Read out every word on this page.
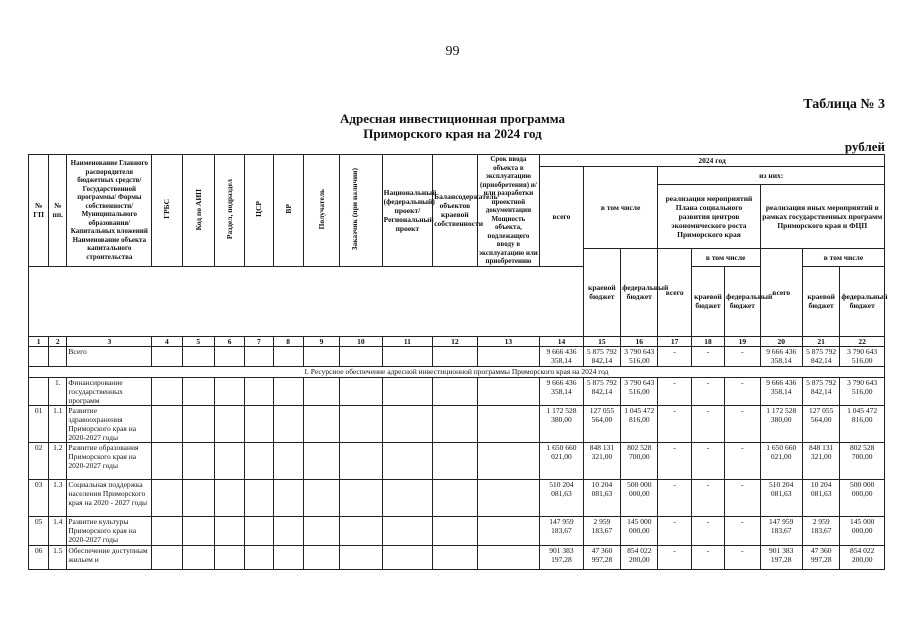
99
Таблица № 3
Адресная инвестиционная программа
Приморского края на 2024 год
рублей
№ ГП	№ пп.	Наименование Главного распорядителя бюджетных средств/Государственной программы/ Формы собственности/Муниципального образования/Капитальных вложений Наименование объекта капитального строительства	ГРБС	Код по АИП	Раздел, подраздел	ЦСР	ВР	Получатель	Заказчик (при наличии)	Национальный (федеральный) проект/ Региональный проект	Балансодержатель объектов краевой собственности	Срок ввода объекта в эксплуатацию (приобретения) и/или разработки проектной документации Мощность объекта, подлежащего вводу в эксплуатацию или приобретению	2024 год								
													всего	в том числе		из них:					
																реализация мероприятий Плана социального развития центров экономического роста Приморского края			реализация иных мероприятий в рамках государственных программ Приморского края и ФЦП		
														краевой бюджет	федеральный бюджет	всего	в том числе		всего	в том числе	
																	краевой бюджет	федеральный бюджет		краевой бюджет	федеральный бюджет
1	2	3	4	5	6	7	8	9	10	11	12	13	14	15	16	17	18	19	20	21	22
		Всего											9 666 436 358,14	5 875 792 842,14	3 790 643 516,00	-	-	-	9 666 436 358,14	5 875 792 842,14	3 790 643 516,00
I. Ресурсное обеспечение адресной инвестиционной программы Приморского края на 2024 год																					
	1.	Финансирование государственных программ											9 666 436 358,14	5 875 792 842,14	3 790 643 516,00	-	-	-	9 666 436 358,14	5 875 792 842,14	3 790 643 516,00
01	1.1	Развитие здравоохранения Приморского края на 2020-2027 годы											1 172 528 380,00	127 055 564,00	1 045 472 816,00	-	-	-	1 172 528 380,00	127 055 564,00	1 045 472 816,00
02	1.2	Развитие образования Приморского края на 2020-2027 годы											1 650 660 021,00	848 131 321,00	802 528 700,00	-	-	-	1 650 660 021,00	848 131 321,00	802 528 700,00
03	1.3	Социальная поддержка населения Приморского края на 2020 - 2027 годы											510 204 081,63	10 204 081,63	500 000 000,00	-	-	-	510 204 081,63	10 204 081,63	500 000 000,00
05	1.4	Развитие культуры Приморского края на 2020-2027 годы											147 959 183,67	2 959 183,67	145 000 000,00	-	-	-	147 959 183,67	2 959 183,67	145 000 000,00
06	1.5	Обеспечение доступным жильем и											901 383 197,28	47 360 997,28	854 022 200,00	-	-	-	901 383 197,28	47 360 997,28	854 022 200,00
